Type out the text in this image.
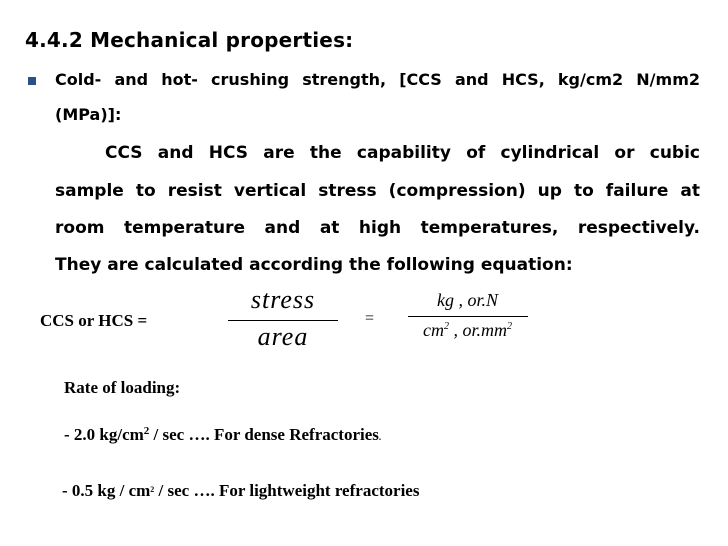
4.4.2 Mechanical properties:
Cold- and hot- crushing strength, [CCS and HCS, kg/cm2 N/mm2
(MPa)]:
CCS and HCS are the capability of cylindrical or cubic
sample to resist vertical stress (compression) up to failure at
room temperature and at high temperatures, respectively.
They are calculated according the following equation:
CCS or HCS =
stress
area
=
kg , or.N
$cm^2$ , $or.mm^2$
Rate of loading:
- 2.0 $kg/cm^2$ / sec …. For dense Refractories.
- 0.5 kg / $cm^2$ / sec …. For lightweight refractories
